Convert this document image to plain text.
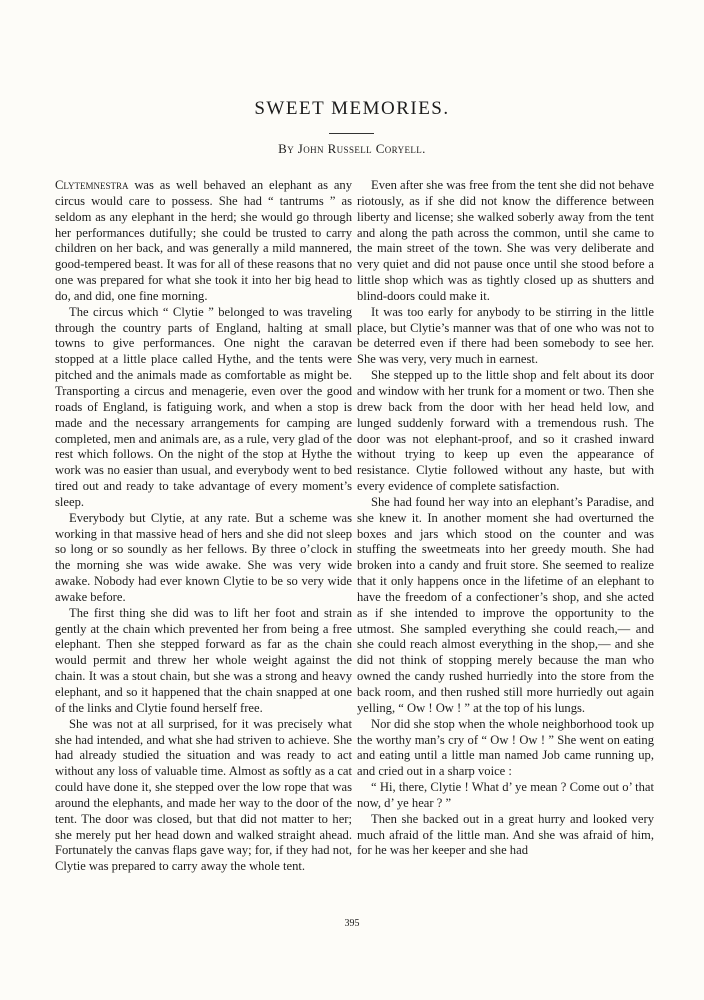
SWEET MEMORIES.
By John Russell Coryell.

Clytemnestra was as well behaved an elephant as any circus would care to possess. She had “ tantrums ” as seldom as any elephant in the herd; she would go through her performances dutifully; she could be trusted to carry children on her back, and was generally a mild mannered, good-tempered beast. It was for all of these reasons that no one was prepared for what she took it into her big head to do, and did, one fine morning.

The circus which “ Clytie ” belonged to was traveling through the country parts of England, halting at small towns to give performances. One night the caravan stopped at a little place called Hythe, and the tents were pitched and the animals made as comfortable as might be. Transporting a circus and menagerie, even over the good roads of England, is fatiguing work, and when a stop is made and the necessary arrangements for camping are completed, men and animals are, as a rule, very glad of the rest which follows. On the night of the stop at Hythe the work was no easier than usual, and everybody went to bed tired out and ready to take advantage of every moment’s sleep.

Everybody but Clytie, at any rate. But a scheme was working in that massive head of hers and she did not sleep so long or so soundly as her fellows. By three o’clock in the morning she was wide awake. She was very wide awake. Nobody had ever known Clytie to be so very wide awake before.

The first thing she did was to lift her foot and strain gently at the chain which prevented her from being a free elephant. Then she stepped forward as far as the chain would permit and threw her whole weight against the chain. It was a stout chain, but she was a strong and heavy elephant, and so it happened that the chain snapped at one of the links and Clytie found herself free.

She was not at all surprised, for it was precisely what she had intended, and what she had striven to achieve. She had already studied the situation and was ready to act without any loss of valuable time. Almost as softly as a cat could have done it, she stepped over the low rope that was around the elephants, and made her way to the door of the tent. The door was closed, but that did not matter to her; she merely put her head down and walked straight ahead. Fortunately the canvas flaps gave way; for, if they had not, Clytie was prepared to carry away the whole tent.

Even after she was free from the tent she did not behave riotously, as if she did not know the difference between liberty and license; she walked soberly away from the tent and along the path across the common, until she came to the main street of the town. She was very deliberate and very quiet and did not pause once until she stood before a little shop which was as tightly closed up as shutters and blind-doors could make it.

It was too early for anybody to be stirring in the little place, but Clytie’s manner was that of one who was not to be deterred even if there had been somebody to see her. She was very, very much in earnest.

She stepped up to the little shop and felt about its door and window with her trunk for a moment or two. Then she drew back from the door with her head held low, and lunged suddenly forward with a tremendous rush. The door was not elephant-proof, and so it crashed inward without trying to keep up even the appearance of resistance. Clytie followed without any haste, but with every evidence of complete satisfaction.

She had found her way into an elephant’s Paradise, and she knew it. In another moment she had overturned the boxes and jars which stood on the counter and was stuffing the sweetmeats into her greedy mouth. She had broken into a candy and fruit store. She seemed to realize that it only happens once in the lifetime of an elephant to have the freedom of a confectioner’s shop, and she acted as if she intended to improve the opportunity to the utmost. She sampled everything she could reach,— and she could reach almost everything in the shop,— and she did not think of stopping merely because the man who owned the candy rushed hurriedly into the store from the back room, and then rushed still more hurriedly out again yelling, “ Ow ! Ow ! ” at the top of his lungs.

Nor did she stop when the whole neighborhood took up the worthy man’s cry of “ Ow ! Ow ! ” She went on eating and eating until a little man named Job came running up, and cried out in a sharp voice :

“ Hi, there, Clytie ! What d’ ye mean ? Come out o’ that now, d’ ye hear ? ”

Then she backed out in a great hurry and looked very much afraid of the little man. And she was afraid of him, for he was her keeper and she had

395
